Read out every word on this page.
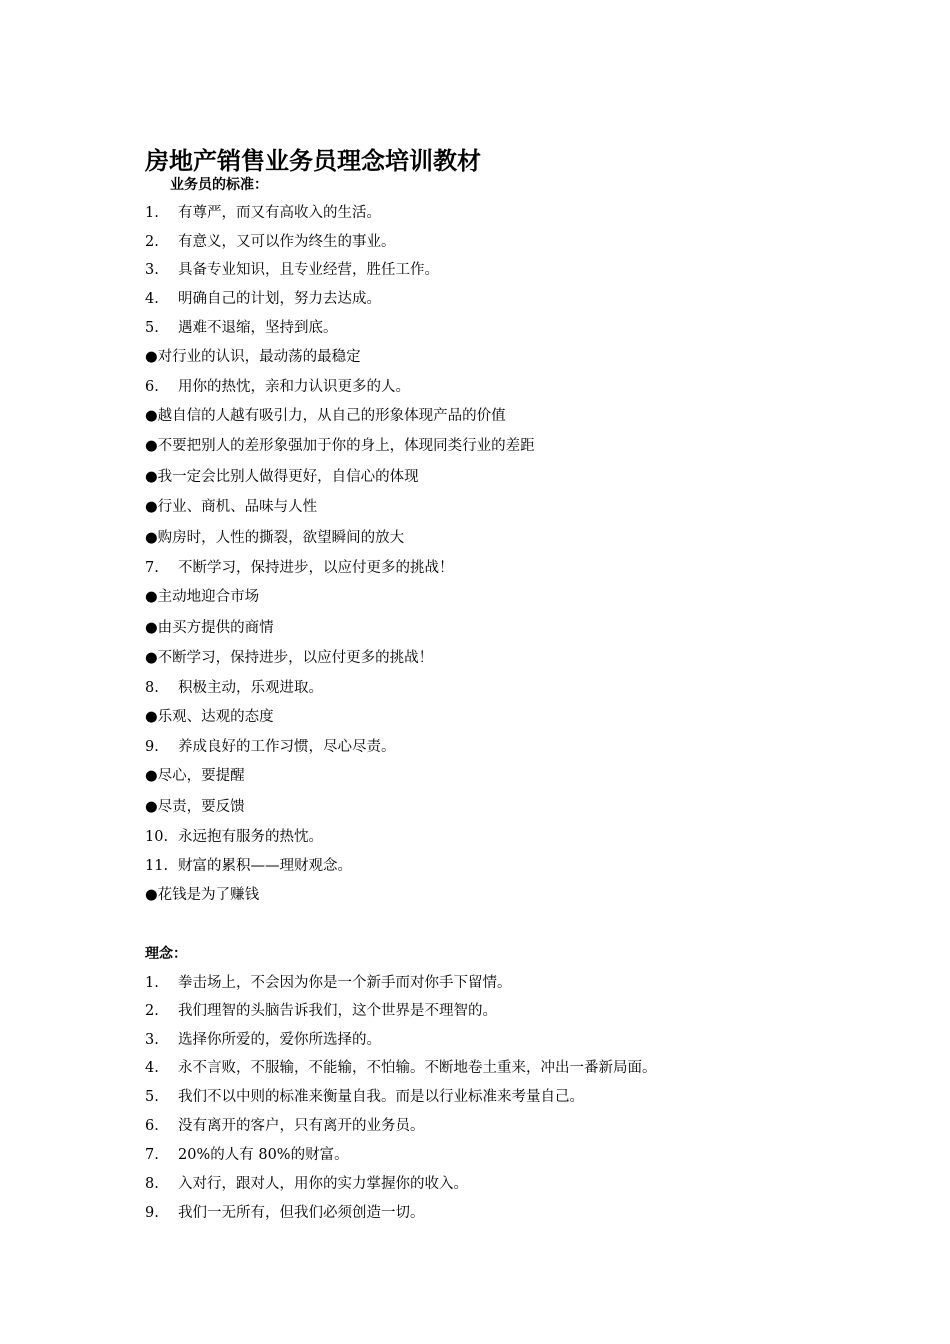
房地产销售业务员理念培训教材
业务员的标准：
1. 有尊严，而又有高收入的生活。
2. 有意义，又可以作为终生的事业。
3. 具备专业知识，且专业经营，胜任工作。
4. 明确自己的计划，努力去达成。
5. 遇难不退缩，坚持到底。
●对行业的认识，最动荡的最稳定
6. 用你的热忱，亲和力认识更多的人。
●越自信的人越有吸引力，从自己的形象体现产品的价值
●不要把别人的差形象强加于你的身上，体现同类行业的差距
●我一定会比别人做得更好，自信心的体现
●行业、商机、品味与人性
●购房时，人性的撕裂，欲望瞬间的放大
7. 不断学习，保持进步，以应付更多的挑战！
●主动地迎合市场
●由买方提供的商情
●不断学习，保持进步，以应付更多的挑战！
8. 积极主动，乐观进取。
●乐观、达观的态度
9. 养成良好的工作习惯，尽心尽责。
●尽心，要提醒
●尽责，要反馈
10. 永远抱有服务的热忱。
11. 财富的累积——理财观念。
●花钱是为了赚钱
理念：
1. 拳击场上，不会因为你是一个新手而对你手下留情。
2. 我们理智的头脑告诉我们，这个世界是不理智的。
3. 选择你所爱的，爱你所选择的。
4. 永不言败，不服输，不能输，不怕输。不断地卷土重来，冲出一番新局面。
5. 我们不以中则的标准来衡量自我。而是以行业标准来考量自己。
6. 没有离开的客户，只有离开的业务员。
7. 20%的人有 80%的财富。
8. 入对行，跟对人，用你的实力掌握你的收入。
9. 我们一无所有，但我们必须创造一切。
